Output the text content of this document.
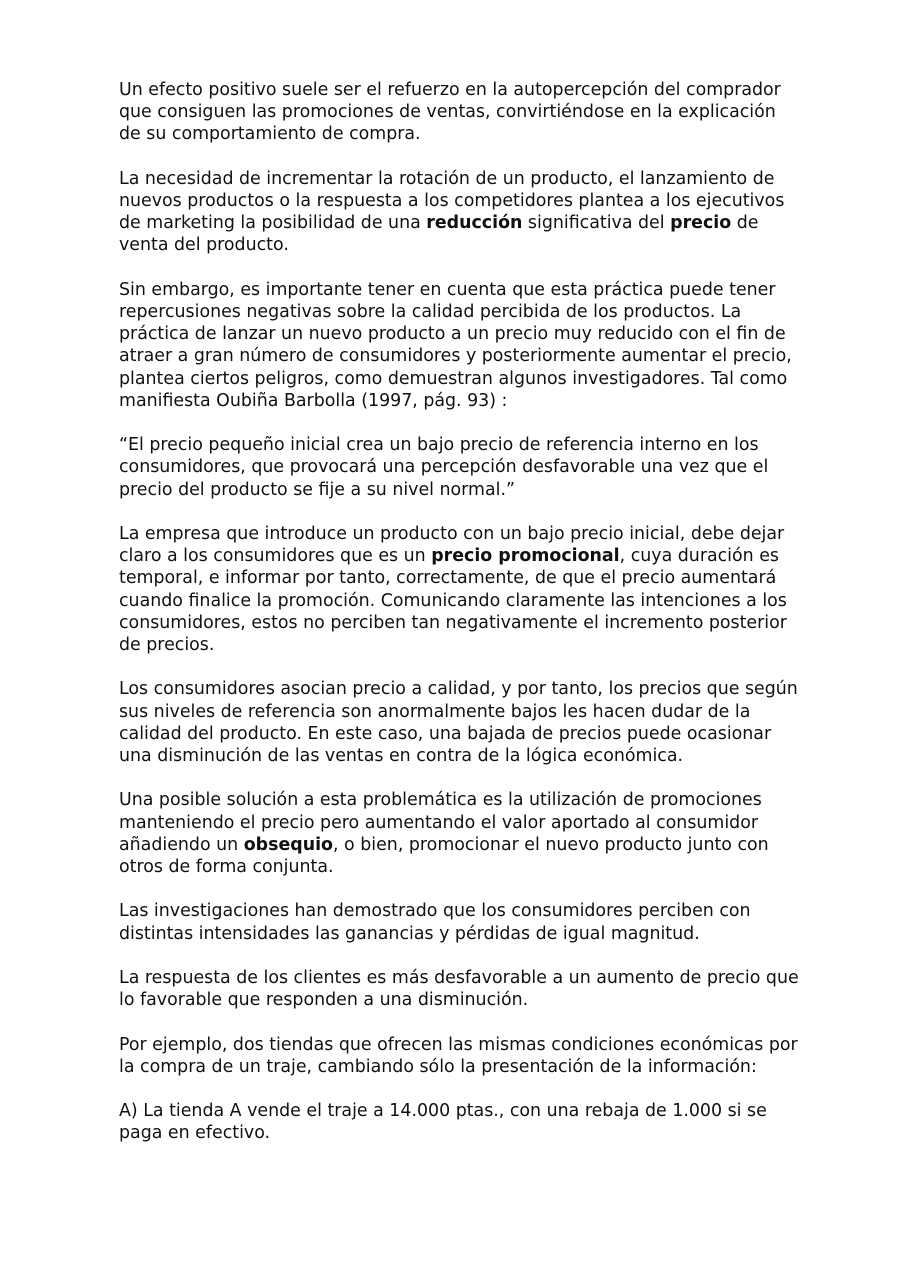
Un efecto positivo suele ser el refuerzo en la autopercepción del comprador que consiguen las promociones de ventas, convirtiéndose en la explicación de su comportamiento de compra.

La necesidad de incrementar la rotación de un producto, el lanzamiento de nuevos productos o la respuesta a los competidores plantea a los ejecutivos de marketing la posibilidad de una reducción significativa del precio de venta del producto.

Sin embargo, es importante tener en cuenta que esta práctica puede tener repercusiones negativas sobre la calidad percibida de los productos. La práctica de lanzar un nuevo producto a un precio muy reducido con el fin de atraer a gran número de consumidores y posteriormente aumentar el precio, plantea ciertos peligros, como demuestran algunos investigadores. Tal como manifiesta Oubiña Barbolla (1997, pág. 93) :

“El precio pequeño inicial crea un bajo precio de referencia interno en los consumidores, que provocará una percepción desfavorable una vez que el precio del producto se fije a su nivel normal.”

La empresa que introduce un producto con un bajo precio inicial, debe dejar claro a los consumidores que es un precio promocional, cuya duración es temporal, e informar por tanto, correctamente, de que el precio aumentará cuando finalice la promoción. Comunicando claramente las intenciones a los consumidores, estos no perciben tan negativamente el incremento posterior de precios.

Los consumidores asocian precio a calidad, y por tanto, los precios que según sus niveles de referencia son anormalmente bajos les hacen dudar de la calidad del producto. En este caso, una bajada de precios puede ocasionar una disminución de las ventas en contra de la lógica económica.

Una posible solución a esta problemática es la utilización de promociones manteniendo el precio pero aumentando el valor aportado al consumidor añadiendo un obsequio, o bien, promocionar el nuevo producto junto con otros de forma conjunta.

Las investigaciones han demostrado que los consumidores perciben con distintas intensidades las ganancias y pérdidas de igual magnitud.

La respuesta de los clientes es más desfavorable a un aumento de precio que lo favorable que responden a una disminución.

Por ejemplo, dos tiendas que ofrecen las mismas condiciones económicas por la compra de un traje, cambiando sólo la presentación de la información:

A) La tienda A vende el traje a 14.000 ptas., con una rebaja de 1.000 si se paga en efectivo.
